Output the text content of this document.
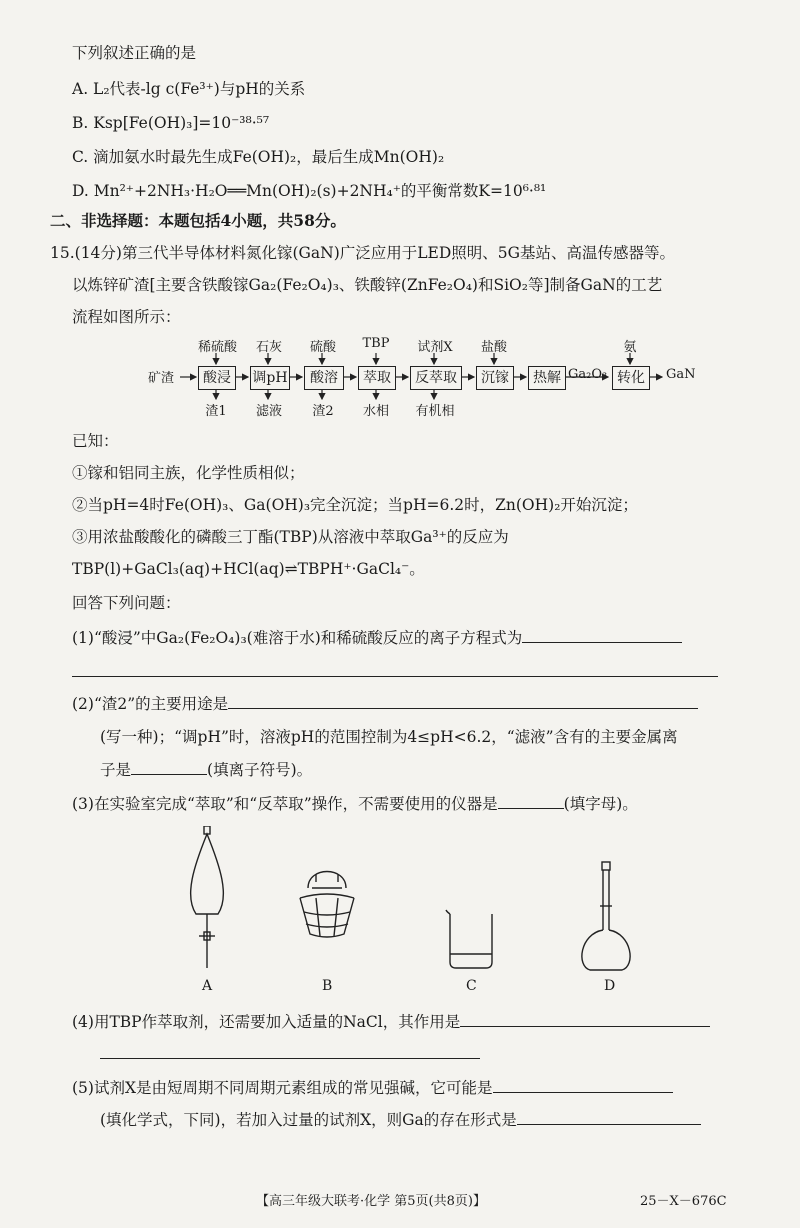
下列叙述正确的是
A. L₂代表-lg c(Fe³⁺)与pH的关系
B. Ksp[Fe(OH)₃]=10⁻³⁸·⁵⁷
C. 滴加氨水时最先生成Fe(OH)₂，最后生成Mn(OH)₂
D. Mn²⁺+2NH₃·H₂O══Mn(OH)₂(s)+2NH₄⁺的平衡常数K=10⁶·⁸¹
二、非选择题：本题包括4小题，共58分。
15.(14分)第三代半导体材料氮化镓(GaN)广泛应用于LED照明、5G基站、高温传感器等。
以炼锌矿渣[主要含铁酸镓Ga₂(Fe₂O₄)₃、铁酸锌(ZnFe₂O₄)和SiO₂等]制备GaN的工艺
流程如图所示：
矿渣
稀硫酸
酸浸
渣1
石灰
调pH
滤液
硫酸
酸溶
渣2
TBP
萃取
水相
试剂X
反萃取
有机相
盐酸
沉镓	热解 Ga₂O₃
氨
转化	GaN
已知：
①镓和铝同主族，化学性质相似；
②当pH=4时Fe(OH)₃、Ga(OH)₃完全沉淀；当pH=6.2时，Zn(OH)₂开始沉淀；
③用浓盐酸酸化的磷酸三丁酯(TBP)从溶液中萃取Ga³⁺的反应为
TBP(l)+GaCl₃(aq)+HCl(aq)⇌TBPH⁺·GaCl₄⁻。
回答下列问题：
(1)“酸浸”中Ga₂(Fe₂O₄)₃(难溶于水)和稀硫酸反应的离子方程式为
(2)“渣2”的主要用途是
(写一种)；“调pH”时，溶液pH的范围控制为4≤pH<6.2，“滤液”含有的主要金属离
子是	(填离子符号)。
(3)在实验室完成“萃取”和“反萃取”操作，不需要使用的仪器是	(填字母)。
A	B	C	D
(4)用TBP作萃取剂，还需要加入适量的NaCl，其作用是
(5)试剂X是由短周期不同周期元素组成的常见强碱，它可能是
(填化学式，下同)，若加入过量的试剂X，则Ga的存在形式是
【高三年级大联考·化学 第5页(共8页)】	25－X－676C
